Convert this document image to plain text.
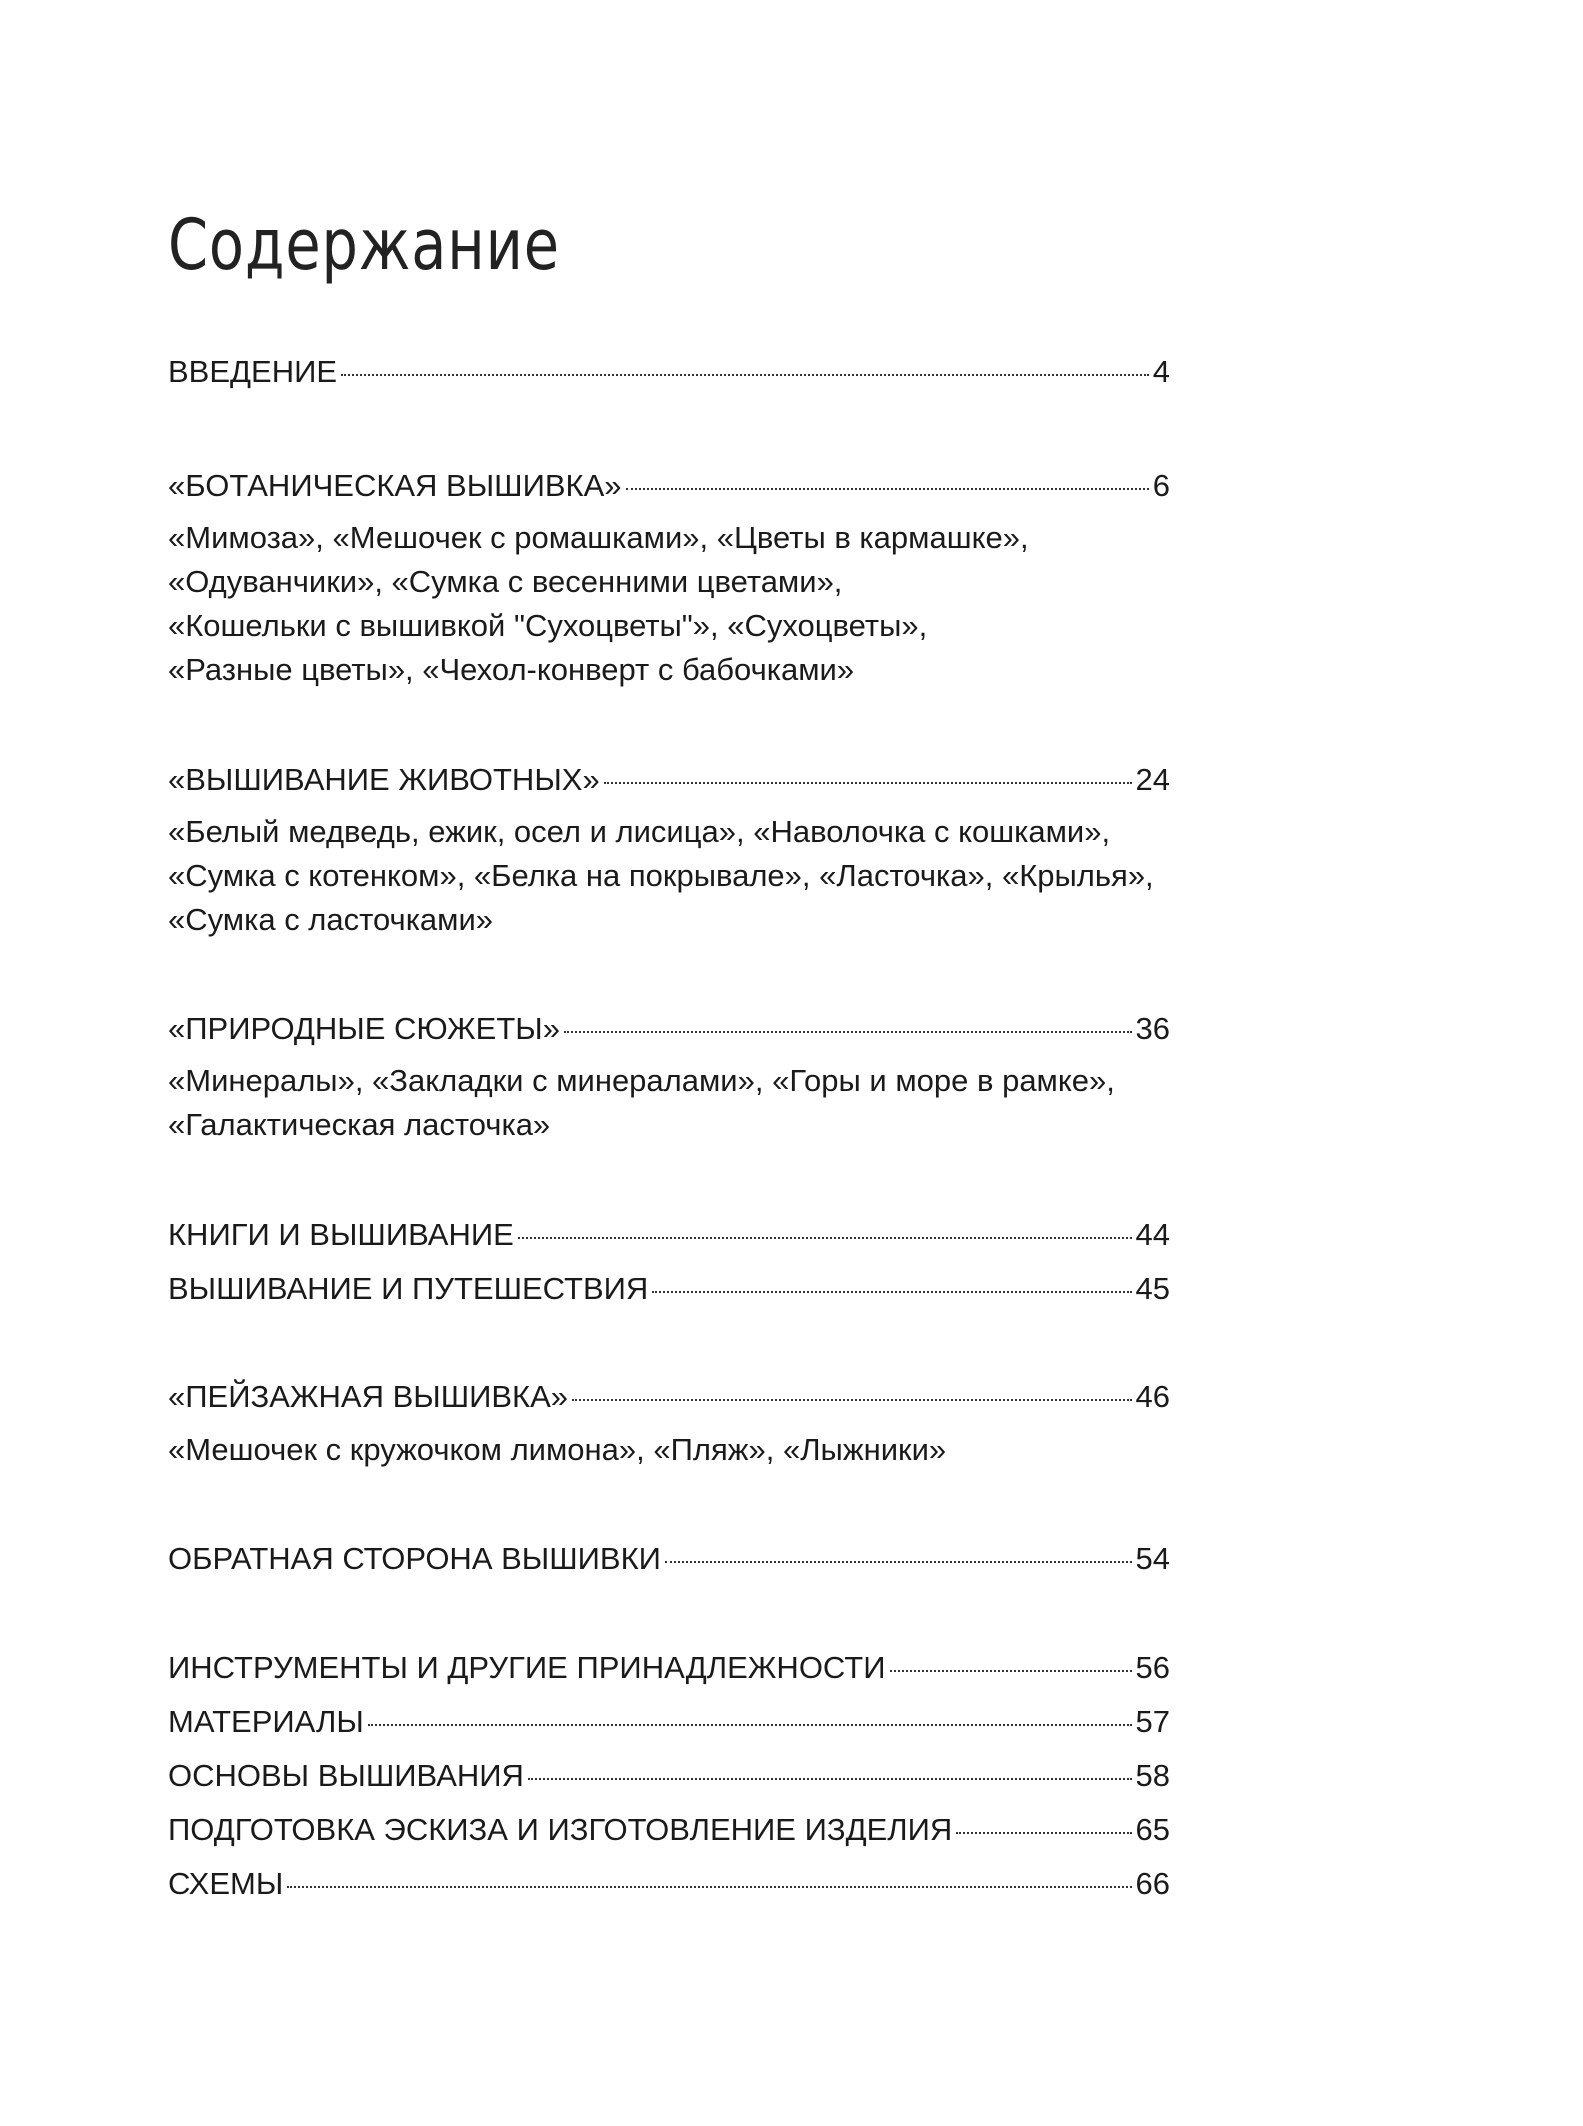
Содержание
ВВЕДЕНИЕ	4
«БОТАНИЧЕСКАЯ ВЫШИВКА»	6
«Мимоза», «Мешочек с ромашками», «Цветы в кармашке»,
«Одуванчики», «Сумка с весенними цветами»,
«Кошельки с вышивкой "Сухоцветы"», «Сухоцветы»,
«Разные цветы», «Чехол-конверт с бабочками»
«ВЫШИВАНИЕ ЖИВОТНЫХ»	24
«Белый медведь, ежик, осел и лисица», «Наволочка с кошками»,
«Сумка с котенком», «Белка на покрывале», «Ласточка», «Крылья»,
«Сумка с ласточками»
«ПРИРОДНЫЕ СЮЖЕТЫ»	36
«Минералы», «Закладки с минералами», «Горы и море в рамке»,
«Галактическая ласточка»
КНИГИ И ВЫШИВАНИЕ	44
ВЫШИВАНИЕ И ПУТЕШЕСТВИЯ	45
«ПЕЙЗАЖНАЯ ВЫШИВКА»	46
«Мешочек с кружочком лимона», «Пляж», «Лыжники»
ОБРАТНАЯ СТОРОНА ВЫШИВКИ	54
ИНСТРУМЕНТЫ И ДРУГИЕ ПРИНАДЛЕЖНОСТИ	56
МАТЕРИАЛЫ	57
ОСНОВЫ ВЫШИВАНИЯ	58
ПОДГОТОВКА ЭСКИЗА И ИЗГОТОВЛЕНИЕ ИЗДЕЛИЯ	65
СХЕМЫ	66
